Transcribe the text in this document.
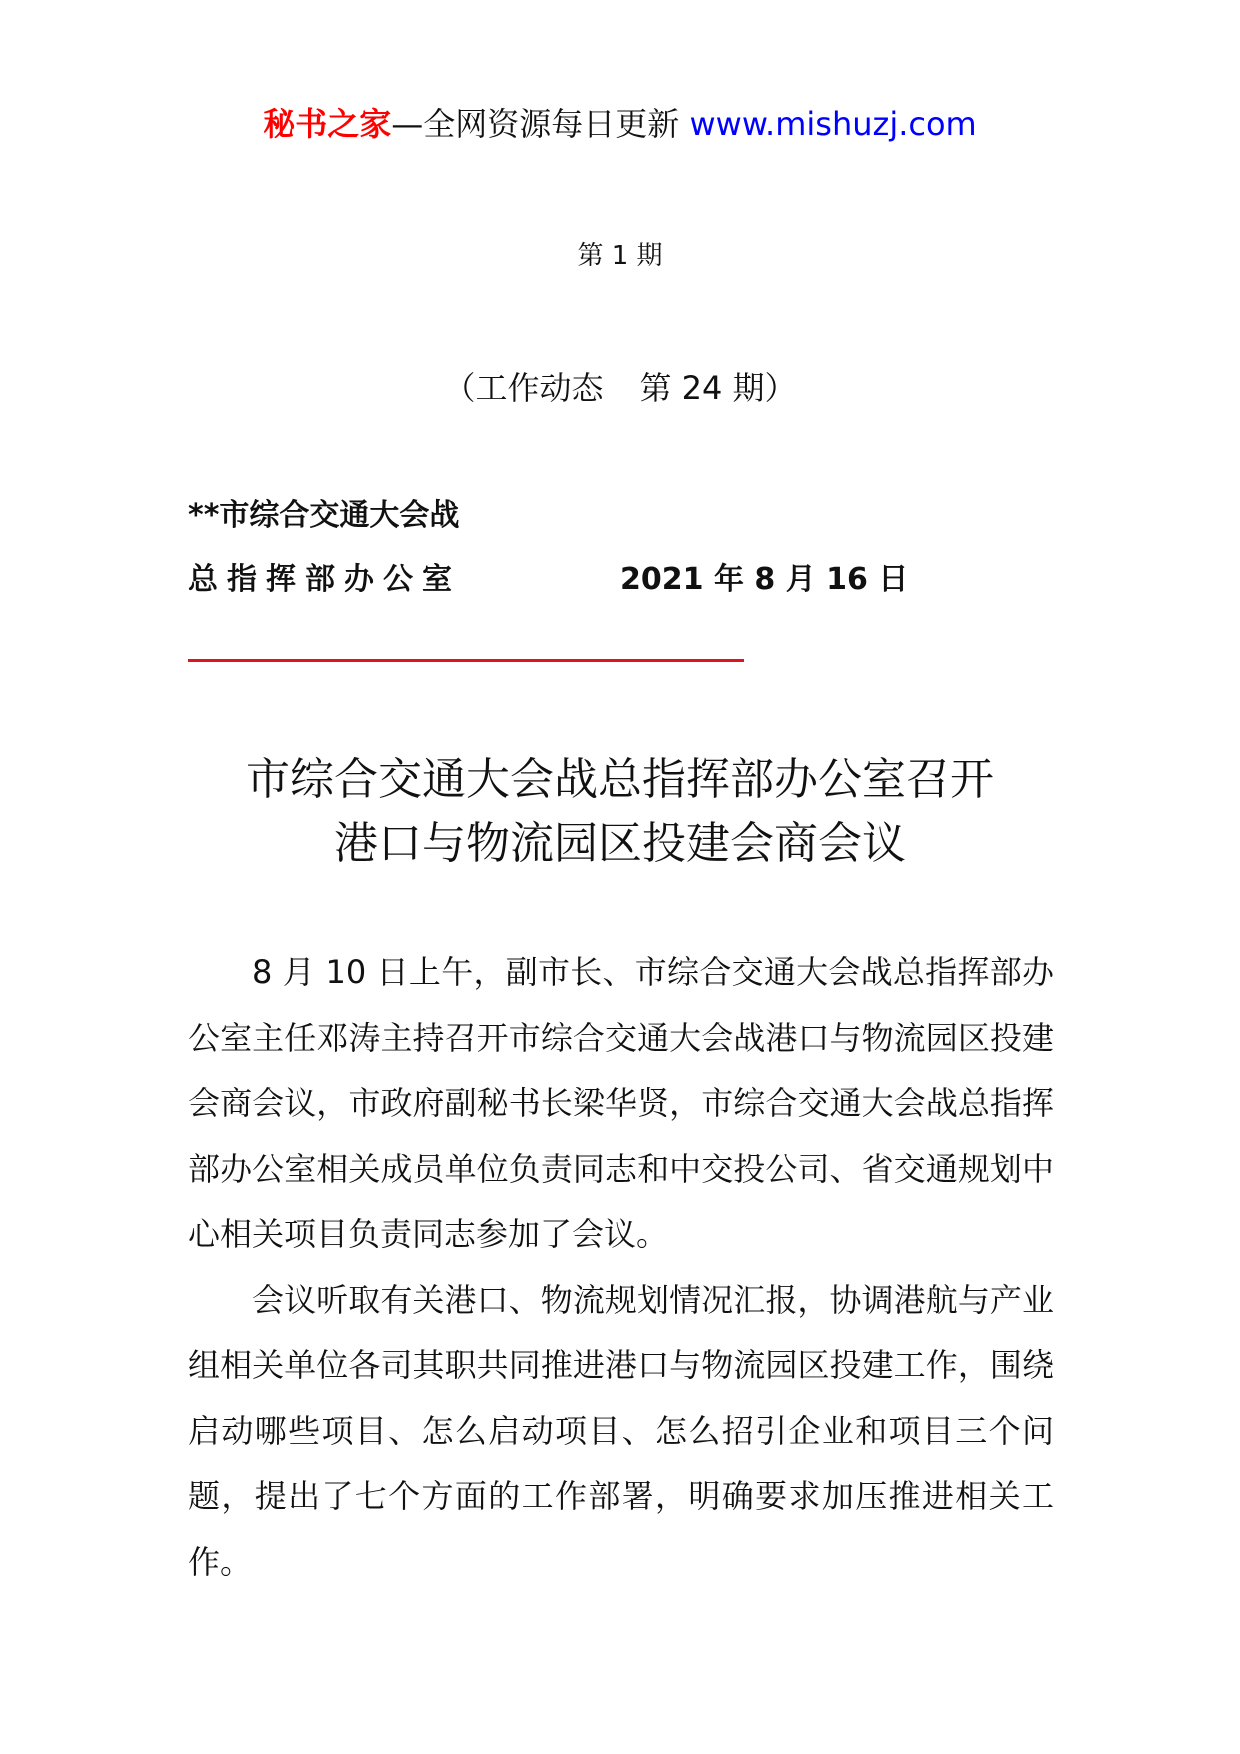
秘书之家—全网资源每日更新 www.mishuzj.com
第 1 期
（工作动态 第 24 期）
**市综合交通大会战
总指挥部办公室	2021 年 8 月 16 日
市综合交通大会战总指挥部办公室召开
港口与物流园区投建会商会议

8 月 10 日上午，副市长、市综合交通大会战总指挥部办公室主任邓涛主持召开市综合交通大会战港口与物流园区投建会商会议，市政府副秘书长梁华贤，市综合交通大会战总指挥部办公室相关成员单位负责同志和中交投公司、省交通规划中心相关项目负责同志参加了会议。

会议听取有关港口、物流规划情况汇报，协调港航与产业组相关单位各司其职共同推进港口与物流园区投建工作，围绕启动哪些项目、怎么启动项目、怎么招引企业和项目三个问题，提出了七个方面的工作部署，明确要求加压推进相关工作。
